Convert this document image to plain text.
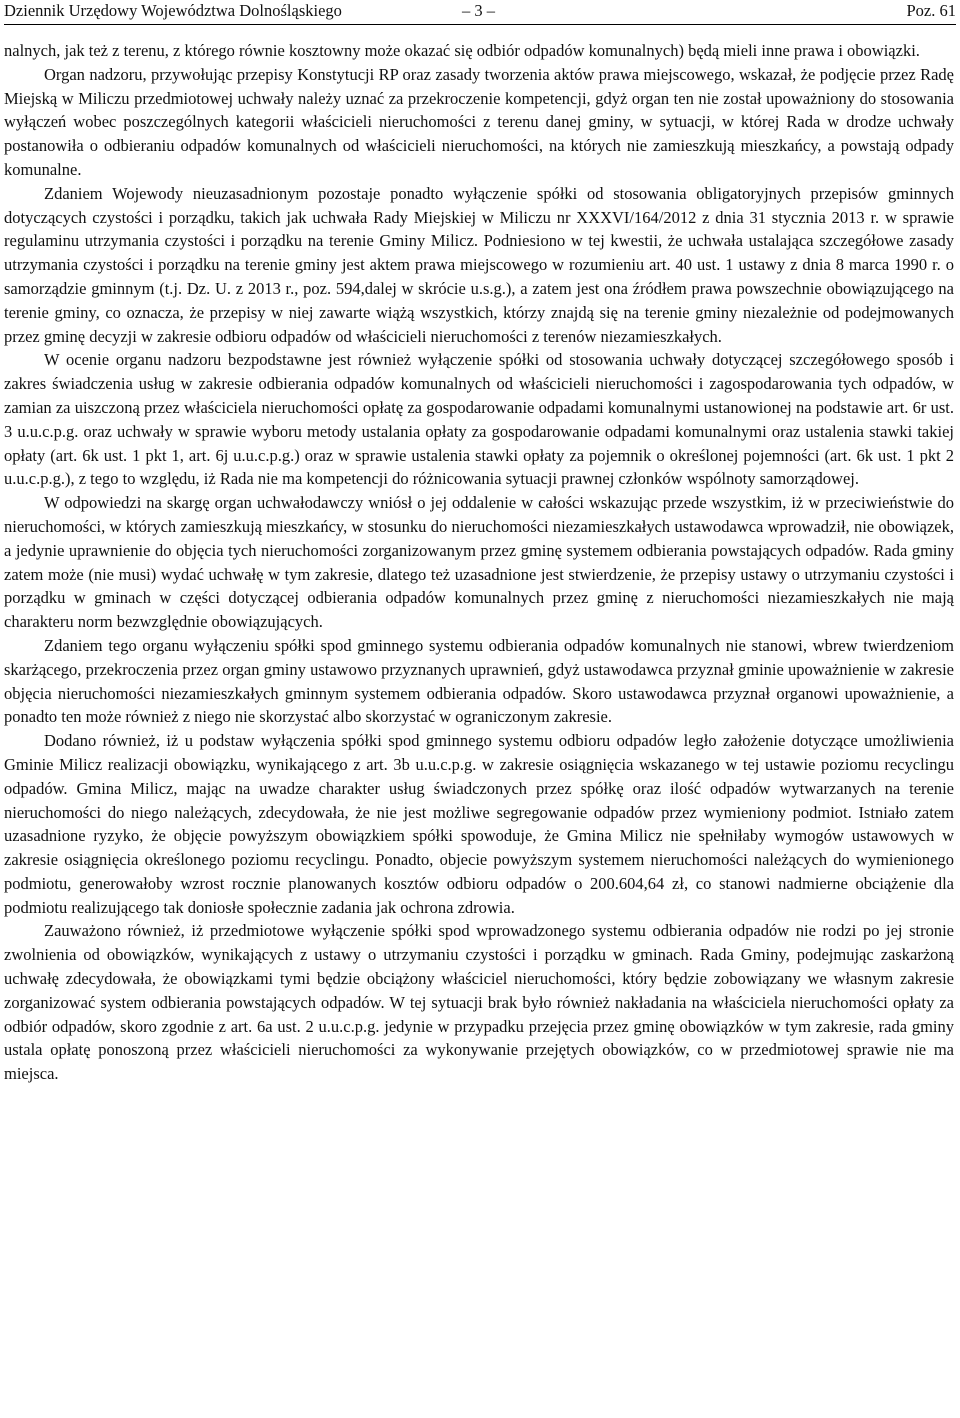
Dziennik Urzędowy Województwa Dolnośląskiego	– 3 –	Poz. 61

nalnych, jak też z terenu, z którego równie kosztowny może okazać się odbiór odpadów komunalnych) będą mieli inne prawa i obowiązki.

Organ nadzoru, przywołując przepisy Konstytucji RP oraz zasady tworzenia aktów prawa miejscowego, wskazał, że podjęcie przez Radę Miejską w Miliczu przedmiotowej uchwały należy uznać za przekroczenie kompetencji, gdyż organ ten nie został upoważniony do stosowania wyłączeń wobec poszczególnych kategorii właścicieli nieruchomości z terenu danej gminy, w sytuacji, w której Rada w drodze uchwały postanowiła o odbieraniu odpadów komunalnych od właścicieli nieruchomości, na których nie zamieszkują mieszkańcy, a powstają odpady komunalne.

Zdaniem Wojewody nieuzasadnionym pozostaje ponadto wyłączenie spółki od stosowania obligatoryjnych przepisów gminnych dotyczących czystości i porządku, takich jak uchwała Rady Miejskiej w Miliczu nr XXXVI/164/2012 z dnia 31 stycznia 2013 r. w sprawie regulaminu utrzymania czystości i porządku na terenie Gminy Milicz. Podniesiono w tej kwestii, że uchwała ustalająca szczegółowe zasady utrzymania czystości i porządku na terenie gminy jest aktem prawa miejscowego w rozumieniu art. 40 ust. 1 ustawy z dnia 8 marca 1990 r. o samorządzie gminnym (t.j. Dz. U. z 2013 r., poz. 594,dalej w skrócie u.s.g.), a zatem jest ona źródłem prawa powszechnie obowiązującego na terenie gminy, co oznacza, że przepisy w niej zawarte wiążą wszystkich, którzy znajdą się na terenie gminy niezależnie od podejmowanych przez gminę decyzji w zakresie odbioru odpadów od właścicieli nieruchomości z terenów niezamieszkałych.

W ocenie organu nadzoru bezpodstawne jest również wyłączenie spółki od stosowania uchwały dotyczącej szczegółowego sposób i zakres świadczenia usług w zakresie odbierania odpadów komunalnych od właścicieli nieruchomości i zagospodarowania tych odpadów, w zamian za uiszczoną przez właściciela nieruchomości opłatę za gospodarowanie odpadami komunalnymi ustanowionej na podstawie art. 6r ust. 3 u.u.c.p.g. oraz uchwały w sprawie wyboru metody ustalania opłaty za gospodarowanie odpadami komunalnymi oraz ustalenia stawki takiej opłaty (art. 6k ust. 1 pkt 1, art. 6j u.u.c.p.g.) oraz w sprawie ustalenia stawki opłaty za pojemnik o określonej pojemności (art. 6k ust. 1 pkt 2 u.u.c.p.g.), z tego to względu, iż Rada nie ma kompetencji do różnicowania sytuacji prawnej członków wspólnoty samorządowej.

W odpowiedzi na skargę organ uchwałodawczy wniósł o jej oddalenie w całości wskazując przede wszystkim, iż w przeciwieństwie do nieruchomości, w których zamieszkują mieszkańcy, w stosunku do nieruchomości niezamieszkałych ustawodawca wprowadził, nie obowiązek, a jedynie uprawnienie do objęcia tych nieruchomości zorganizowanym przez gminę systemem odbierania powstających odpadów. Rada gminy zatem może (nie musi) wydać uchwałę w tym zakresie, dlatego też uzasadnione jest stwierdzenie, że przepisy ustawy o utrzymaniu czystości i porządku w gminach w części dotyczącej odbierania odpadów komunalnych przez gminę z nieruchomości niezamieszkałych nie mają charakteru norm bezwzględnie obowiązujących.

Zdaniem tego organu wyłączeniu spółki spod gminnego systemu odbierania odpadów komunalnych nie stanowi, wbrew twierdzeniom skarżącego, przekroczenia przez organ gminy ustawowo przyznanych uprawnień, gdyż ustawodawca przyznał gminie upoważnienie w zakresie objęcia nieruchomości niezamieszkałych gminnym systemem odbierania odpadów. Skoro ustawodawca przyznał organowi upoważnienie, a ponadto ten może również z niego nie skorzystać albo skorzystać w ograniczonym zakresie.

Dodano również, iż u podstaw wyłączenia spółki spod gminnego systemu odbioru odpadów legło założenie dotyczące umożliwienia Gminie Milicz realizacji obowiązku, wynikającego z art. 3b u.u.c.p.g. w zakresie osiągnięcia wskazanego w tej ustawie poziomu recyclingu odpadów. Gmina Milicz, mając na uwadze charakter usług świadczonych przez spółkę oraz ilość odpadów wytwarzanych na terenie nieruchomości do niego należących, zdecydowała, że nie jest możliwe segregowanie odpadów przez wymieniony podmiot. Istniało zatem uzasadnione ryzyko, że objęcie powyższym obowiązkiem spółki spowoduje, że Gmina Milicz nie spełniłaby wymogów ustawowych w zakresie osiągnięcia określonego poziomu recyclingu. Ponadto, objecie powyższym systemem nieruchomości należących do wymienionego podmiotu, generowałoby wzrost rocznie planowanych kosztów odbioru odpadów o 200.604,64 zł, co stanowi nadmierne obciążenie dla podmiotu realizującego tak doniosłe społecznie zadania jak ochrona zdrowia.

Zauważono również, iż przedmiotowe wyłączenie spółki spod wprowadzonego systemu odbierania odpadów nie rodzi po jej stronie zwolnienia od obowiązków, wynikających z ustawy o utrzymaniu czystości i porządku w gminach. Rada Gminy, podejmując zaskarżoną uchwałę zdecydowała, że obowiązkami tymi będzie obciążony właściciel nieruchomości, który będzie zobowiązany we własnym zakresie zorganizować system odbierania powstających odpadów. W tej sytuacji brak było również nakładania na właściciela nieruchomości opłaty za odbiór odpadów, skoro zgodnie z art. 6a ust. 2 u.u.c.p.g. jedynie w przypadku przejęcia przez gminę obowiązków w tym zakresie, rada gminy ustala opłatę ponoszoną przez właścicieli nieruchomości za wykonywanie przejętych obowiązków, co w przedmiotowej sprawie nie ma miejsca.
